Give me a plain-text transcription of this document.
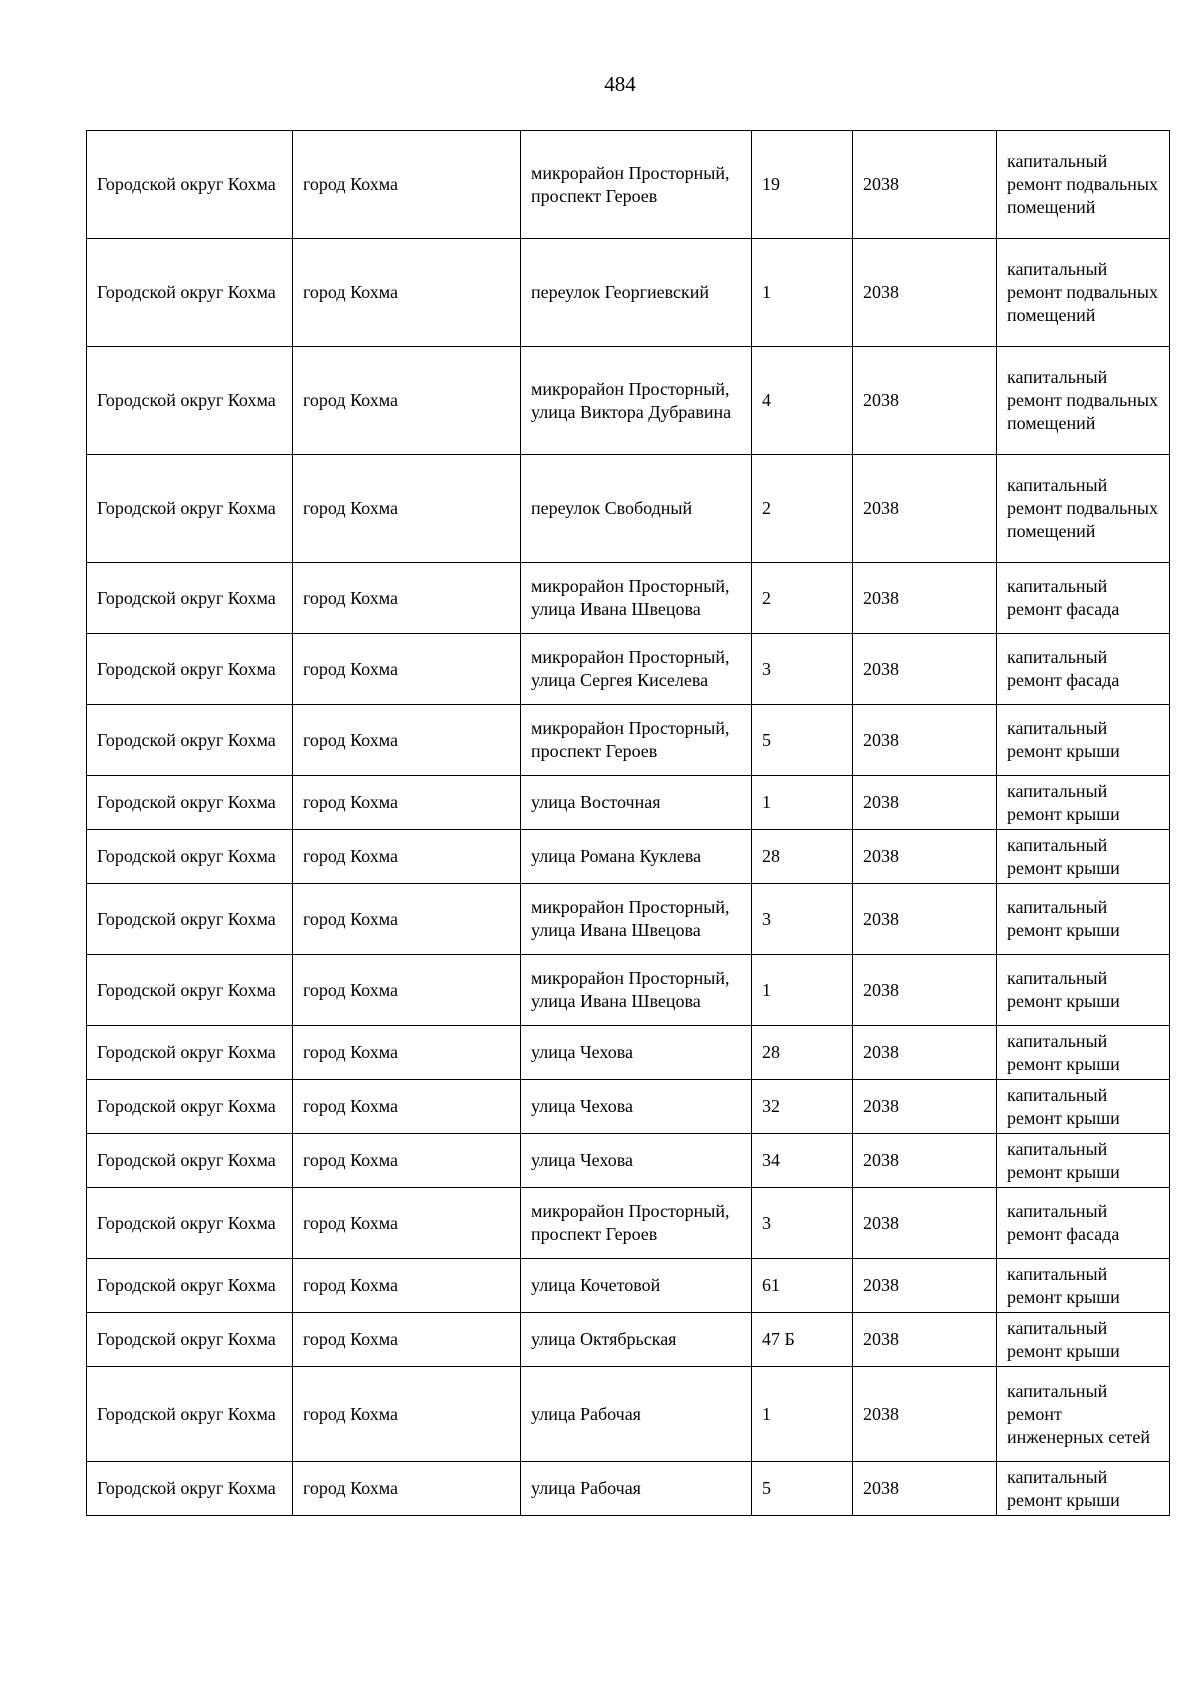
484
Городской округ Кохма	город Кохма	микрорайон Просторный, проспект Героев	19	2038	капитальный ремонт подвальных помещений
Городской округ Кохма	город Кохма	переулок Георгиевский	1	2038	капитальный ремонт подвальных помещений
Городской округ Кохма	город Кохма	микрорайон Просторный, улица Виктора Дубравина	4	2038	капитальный ремонт подвальных помещений
Городской округ Кохма	город Кохма	переулок Свободный	2	2038	капитальный ремонт подвальных помещений
Городской округ Кохма	город Кохма	микрорайон Просторный, улица Ивана Швецова	2	2038	капитальный ремонт фасада
Городской округ Кохма	город Кохма	микрорайон Просторный, улица Сергея Киселева	3	2038	капитальный ремонт фасада
Городской округ Кохма	город Кохма	микрорайон Просторный, проспект Героев	5	2038	капитальный ремонт крыши
Городской округ Кохма	город Кохма	улица Восточная	1	2038	капитальный ремонт крыши
Городской округ Кохма	город Кохма	улица Романа Куклева	28	2038	капитальный ремонт крыши
Городской округ Кохма	город Кохма	микрорайон Просторный, улица Ивана Швецова	3	2038	капитальный ремонт крыши
Городской округ Кохма	город Кохма	микрорайон Просторный, улица Ивана Швецова	1	2038	капитальный ремонт крыши
Городской округ Кохма	город Кохма	улица Чехова	28	2038	капитальный ремонт крыши
Городской округ Кохма	город Кохма	улица Чехова	32	2038	капитальный ремонт крыши
Городской округ Кохма	город Кохма	улица Чехова	34	2038	капитальный ремонт крыши
Городской округ Кохма	город Кохма	микрорайон Просторный, проспект Героев	3	2038	капитальный ремонт фасада
Городской округ Кохма	город Кохма	улица Кочетовой	61	2038	капитальный ремонт крыши
Городской округ Кохма	город Кохма	улица Октябрьская	47 Б	2038	капитальный ремонт крыши
Городской округ Кохма	город Кохма	улица Рабочая	1	2038	капитальный ремонт инженерных сетей
Городской округ Кохма	город Кохма	улица Рабочая	5	2038	капитальный ремонт крыши
